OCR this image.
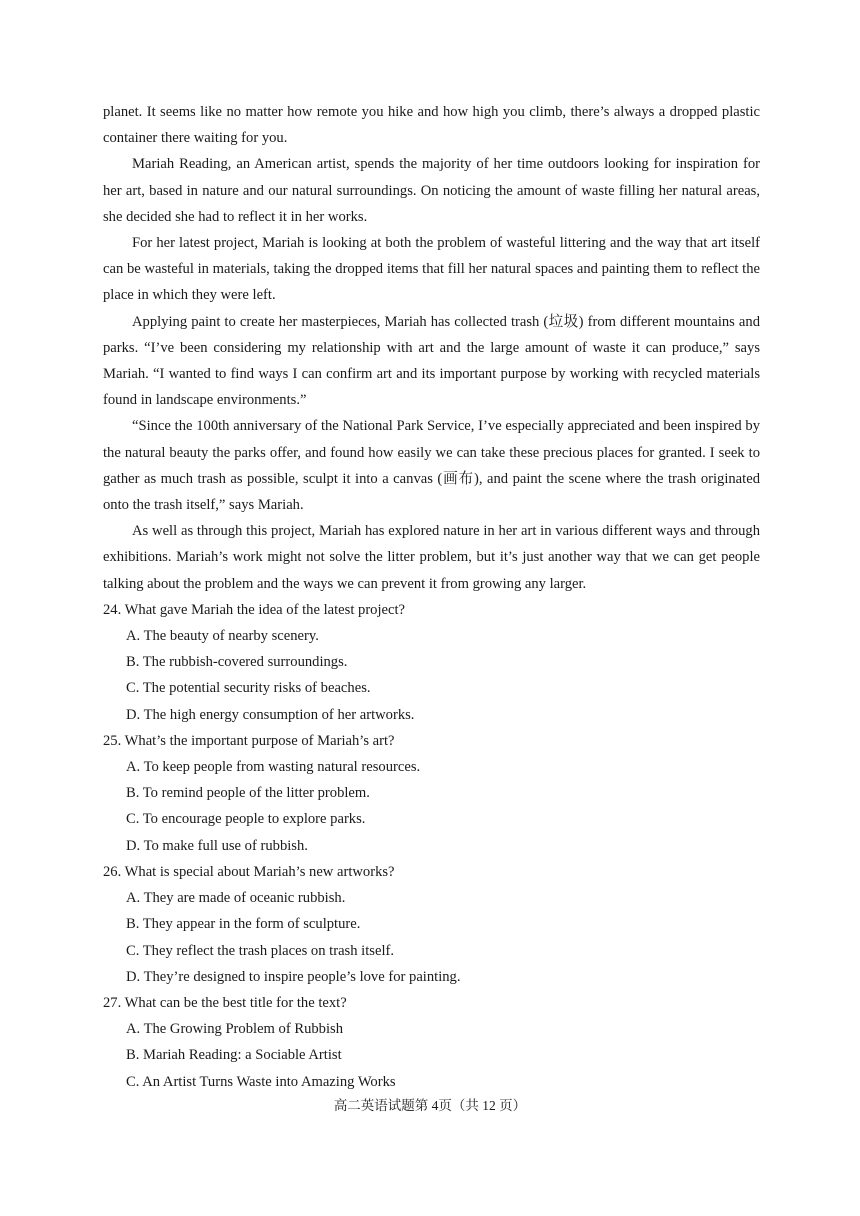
planet. It seems like no matter how remote you hike and how high you climb, there’s always a dropped plastic container there waiting for you.

Mariah Reading, an American artist, spends the majority of her time outdoors looking for inspiration for her art, based in nature and our natural surroundings. On noticing the amount of waste filling her natural areas, she decided she had to reflect it in her works.

For her latest project, Mariah is looking at both the problem of wasteful littering and the way that art itself can be wasteful in materials, taking the dropped items that fill her natural spaces and painting them to reflect the place in which they were left.

Applying paint to create her masterpieces, Mariah has collected trash (垃圾) from different mountains and parks. “I’ve been considering my relationship with art and the large amount of waste it can produce,” says Mariah. “I wanted to find ways I can confirm art and its important purpose by working with recycled materials found in landscape environments.”

“Since the 100th anniversary of the National Park Service, I’ve especially appreciated and been inspired by the natural beauty the parks offer, and found how easily we can take these precious places for granted. I seek to gather as much trash as possible, sculpt it into a canvas (画布), and paint the scene where the trash originated onto the trash itself,” says Mariah.

As well as through this project, Mariah has explored nature in her art in various different ways and through exhibitions. Mariah’s work might not solve the litter problem, but it’s just another way that we can get people talking about the problem and the ways we can prevent it from growing any larger.

24. What gave Mariah the idea of the latest project?

A. The beauty of nearby scenery.

B. The rubbish-covered surroundings.

C. The potential security risks of beaches.

D. The high energy consumption of her artworks.

25. What’s the important purpose of Mariah’s art?

A. To keep people from wasting natural resources.

B. To remind people of the litter problem.

C. To encourage people to explore parks.

D. To make full use of rubbish.

26. What is special about Mariah’s new artworks?

A. They are made of oceanic rubbish.

B. They appear in the form of sculpture.

C. They reflect the trash places on trash itself.

D. They’re designed to inspire people’s love for painting.

27. What can be the best title for the text?

A. The Growing Problem of Rubbish

B. Mariah Reading: a Sociable Artist

C. An Artist Turns Waste into Amazing Works

高二英语试题第 4页（共 12 页）
